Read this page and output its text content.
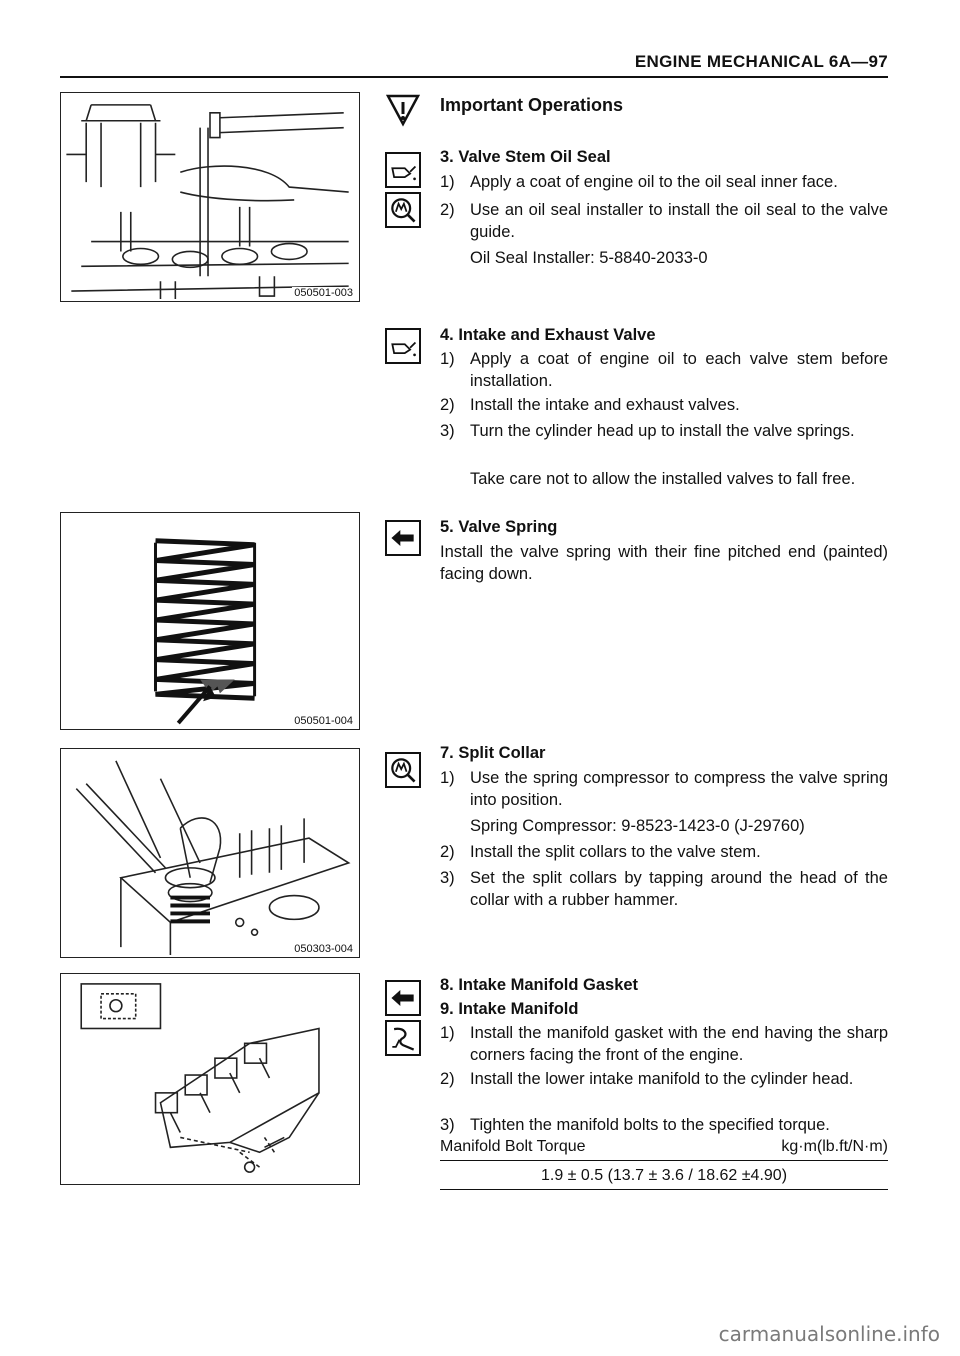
ENGINE MECHANICAL 6A—97
050501-003
050501-004
050303-004
Important Operations
3. Valve Stem Oil Seal
1) Apply a coat of engine oil to the oil seal inner face.
2) Use an oil seal installer to install the oil seal to the valve guide.
Oil Seal Installer: 5-8840-2033-0
4. Intake and Exhaust Valve
1) Apply a coat of engine oil to each valve stem before installation.
2) Install the intake and exhaust valves.
3) Turn the cylinder head up to install the valve springs.
Take care not to allow the installed valves to fall free.
5. Valve Spring
Install the valve spring with their fine pitched end (painted) facing down.
7. Split Collar
1) Use the spring compressor to compress the valve spring into position.
Spring Compressor: 9-8523-1423-0 (J-29760)
2) Install the split collars to the valve stem.
3) Set the split collars by tapping around the head of the collar with a rubber hammer.
8. Intake Manifold Gasket
9. Intake Manifold
1) Install the manifold gasket with the end having the sharp corners facing the front of the engine.
2) Install the lower intake manifold to the cylinder head.
3) Tighten the manifold bolts to the specified torque.
Manifold Bolt Torque	kg·m(lb.ft/N·m)
1.9 ± 0.5 (13.7 ± 3.6 / 18.62 ±4.90)
carmanualsonline.info
